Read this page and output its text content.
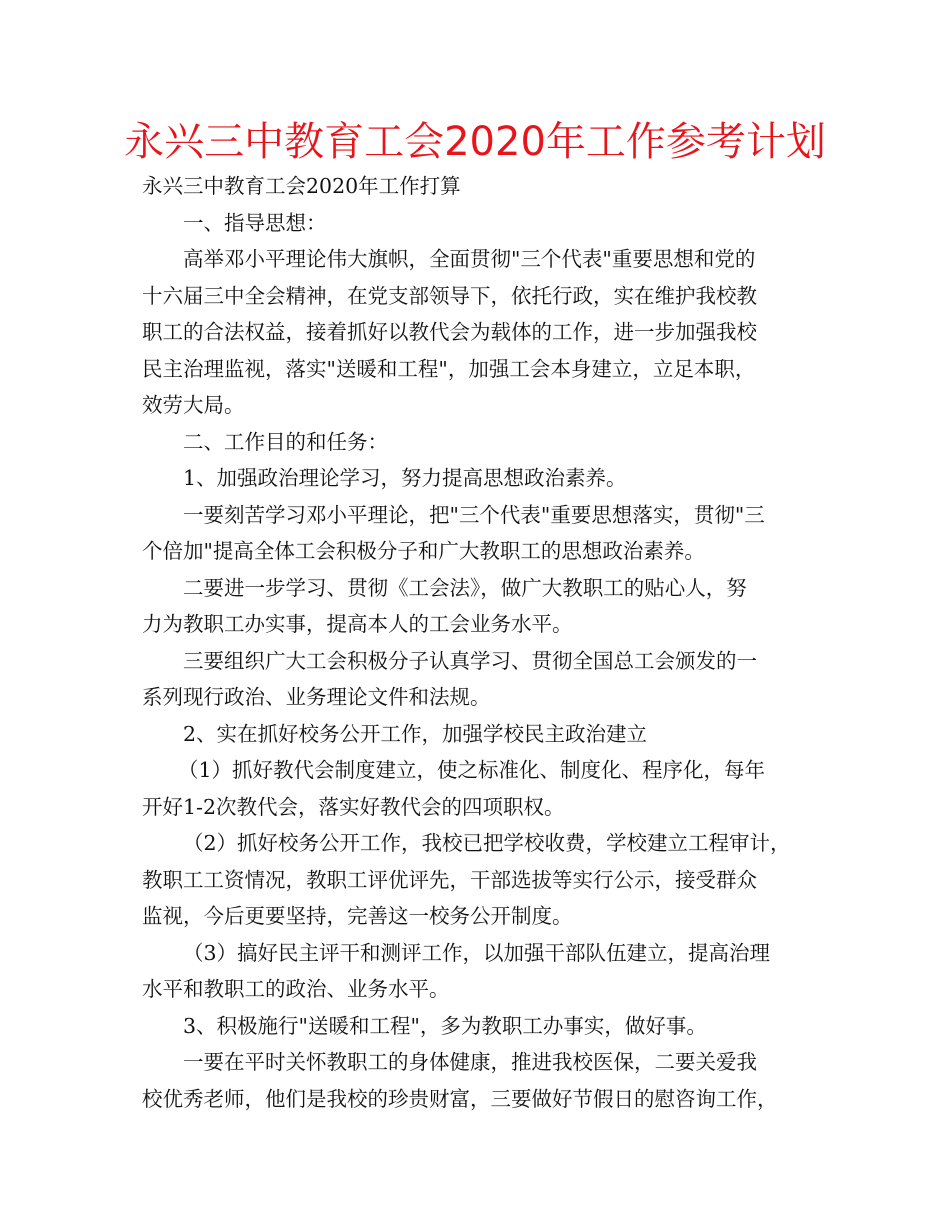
永兴三中教育工会2020年工作参考计划
永兴三中教育工会2020年工作打算
一、指导思想：
高举邓小平理论伟大旗帜，全面贯彻"三个代表"重要思想和党的
十六届三中全会精神，在党支部领导下，依托行政，实在维护我校教
职工的合法权益，接着抓好以教代会为载体的工作，进一步加强我校
民主治理监视，落实"送暖和工程"，加强工会本身建立，立足本职，
效劳大局。
二、工作目的和任务：
1、加强政治理论学习，努力提高思想政治素养。
一要刻苦学习邓小平理论，把"三个代表"重要思想落实，贯彻"三
个倍加"提高全体工会积极分子和广大教职工的思想政治素养。
二要进一步学习、贯彻《工会法》，做广大教职工的贴心人，努
力为教职工办实事，提高本人的工会业务水平。
三要组织广大工会积极分子认真学习、贯彻全国总工会颁发的一
系列现行政治、业务理论文件和法规。
2、实在抓好校务公开工作，加强学校民主政治建立
（1）抓好教代会制度建立，使之标准化、制度化、程序化，每年
开好1-2次教代会，落实好教代会的四项职权。
（2）抓好校务公开工作，我校已把学校收费，学校建立工程审计，
教职工工资情况，教职工评优评先，干部选拔等实行公示，接受群众
监视，今后更要坚持，完善这一校务公开制度。
（3）搞好民主评干和测评工作，以加强干部队伍建立，提高治理
水平和教职工的政治、业务水平。
3、积极施行"送暖和工程"，多为教职工办事实，做好事。
一要在平时关怀教职工的身体健康，推进我校医保，二要关爱我
校优秀老师，他们是我校的珍贵财富，三要做好节假日的慰咨询工作，
